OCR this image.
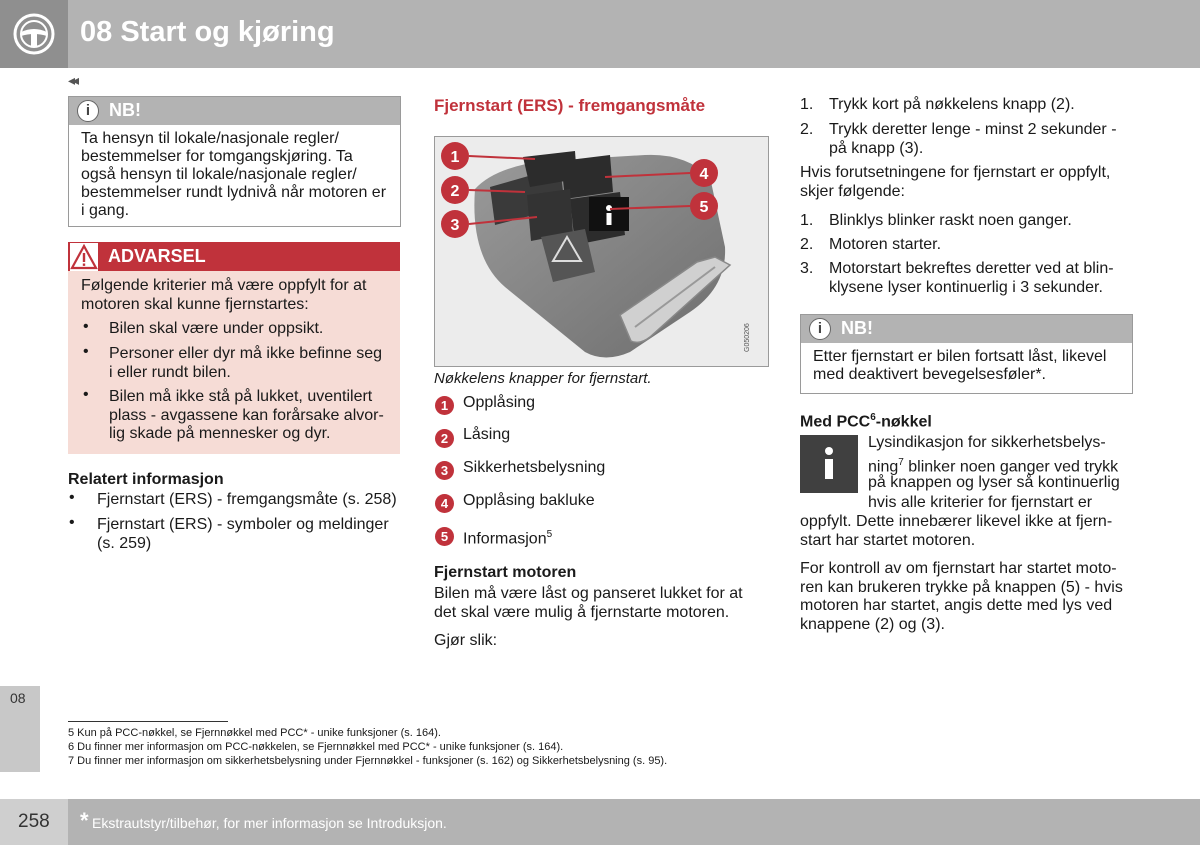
08 Start og kjøring
◂◂
i
NB!
Ta hensyn til lokale/nasjonale regler/
bestemmelser for tomgangskjøring. Ta
også hensyn til lokale/nasjonale regler/
bestemmelser rundt lydnivå når motoren er
i gang.
ADVARSEL
Følgende kriterier må være oppfylt for at
motoren skal kunne fjernstartes:
• Bilen skal være under oppsikt.
• Personer eller dyr må ikke befinne seg
i eller rundt bilen.
• Bilen må ikke stå på lukket, uventilert
plass - avgassene kan forårsake alvor-
lig skade på mennesker og dyr.
Relatert informasjon
• Fjernstart (ERS) - fremgangsmåte (s. 258)
• Fjernstart (ERS) - symboler og meldinger
(s. 259)
Fjernstart (ERS) - fremgangsmåte
G050206
1
2
3
4
5
Nøkkelens knapper for fjernstart.
1 Opplåsing
2 Låsing
3 Sikkerhetsbelysning
4 Opplåsing bakluke
5 Informasjon$^5$
Fjernstart motoren
Bilen må være låst og panseret lukket for at
det skal være mulig å fjernstarte motoren.
Gjør slik:
1. Trykk kort på nøkkelens knapp (2).
2. Trykk deretter lenge - minst 2 sekunder -
på knapp (3).
Hvis forutsetningene for fjernstart er oppfylt,
skjer følgende:
1. Blinklys blinker raskt noen ganger.
2. Motoren starter.
3. Motorstart bekreftes deretter ved at blin-
klysene lyser kontinuerlig i 3 sekunder.
i
NB!
Etter fjernstart er bilen fortsatt låst, likevel
med deaktivert bevegelsesføler*.
Med PCC$^6$-nøkkel
Lysindikasjon for sikkerhetsbelys-
ning$^7$ blinker noen ganger ved trykk
på knappen og lyser så kontinuerlig
hvis alle kriterier for fjernstart er
oppfylt. Dette innebærer likevel ikke at fjern-
start har startet motoren.
For kontroll av om fjernstart har startet moto-
ren kan brukeren trykke på knappen (5) - hvis
motoren har startet, angis dette med lys ved
knappene (2) og (3).
08
5 Kun på PCC-nøkkel, se Fjernnøkkel med PCC* - unike funksjoner (s. 164).
6 Du finner mer informasjon om PCC-nøkkelen, se Fjernnøkkel med PCC* - unike funksjoner (s. 164).
7 Du finner mer informasjon om sikkerhetsbelysning under Fjernnøkkel - funksjoner (s. 162) og Sikkerhetsbelysning (s. 95).
258 * Ekstrautstyr/tilbehør, for mer informasjon se Introduksjon.
